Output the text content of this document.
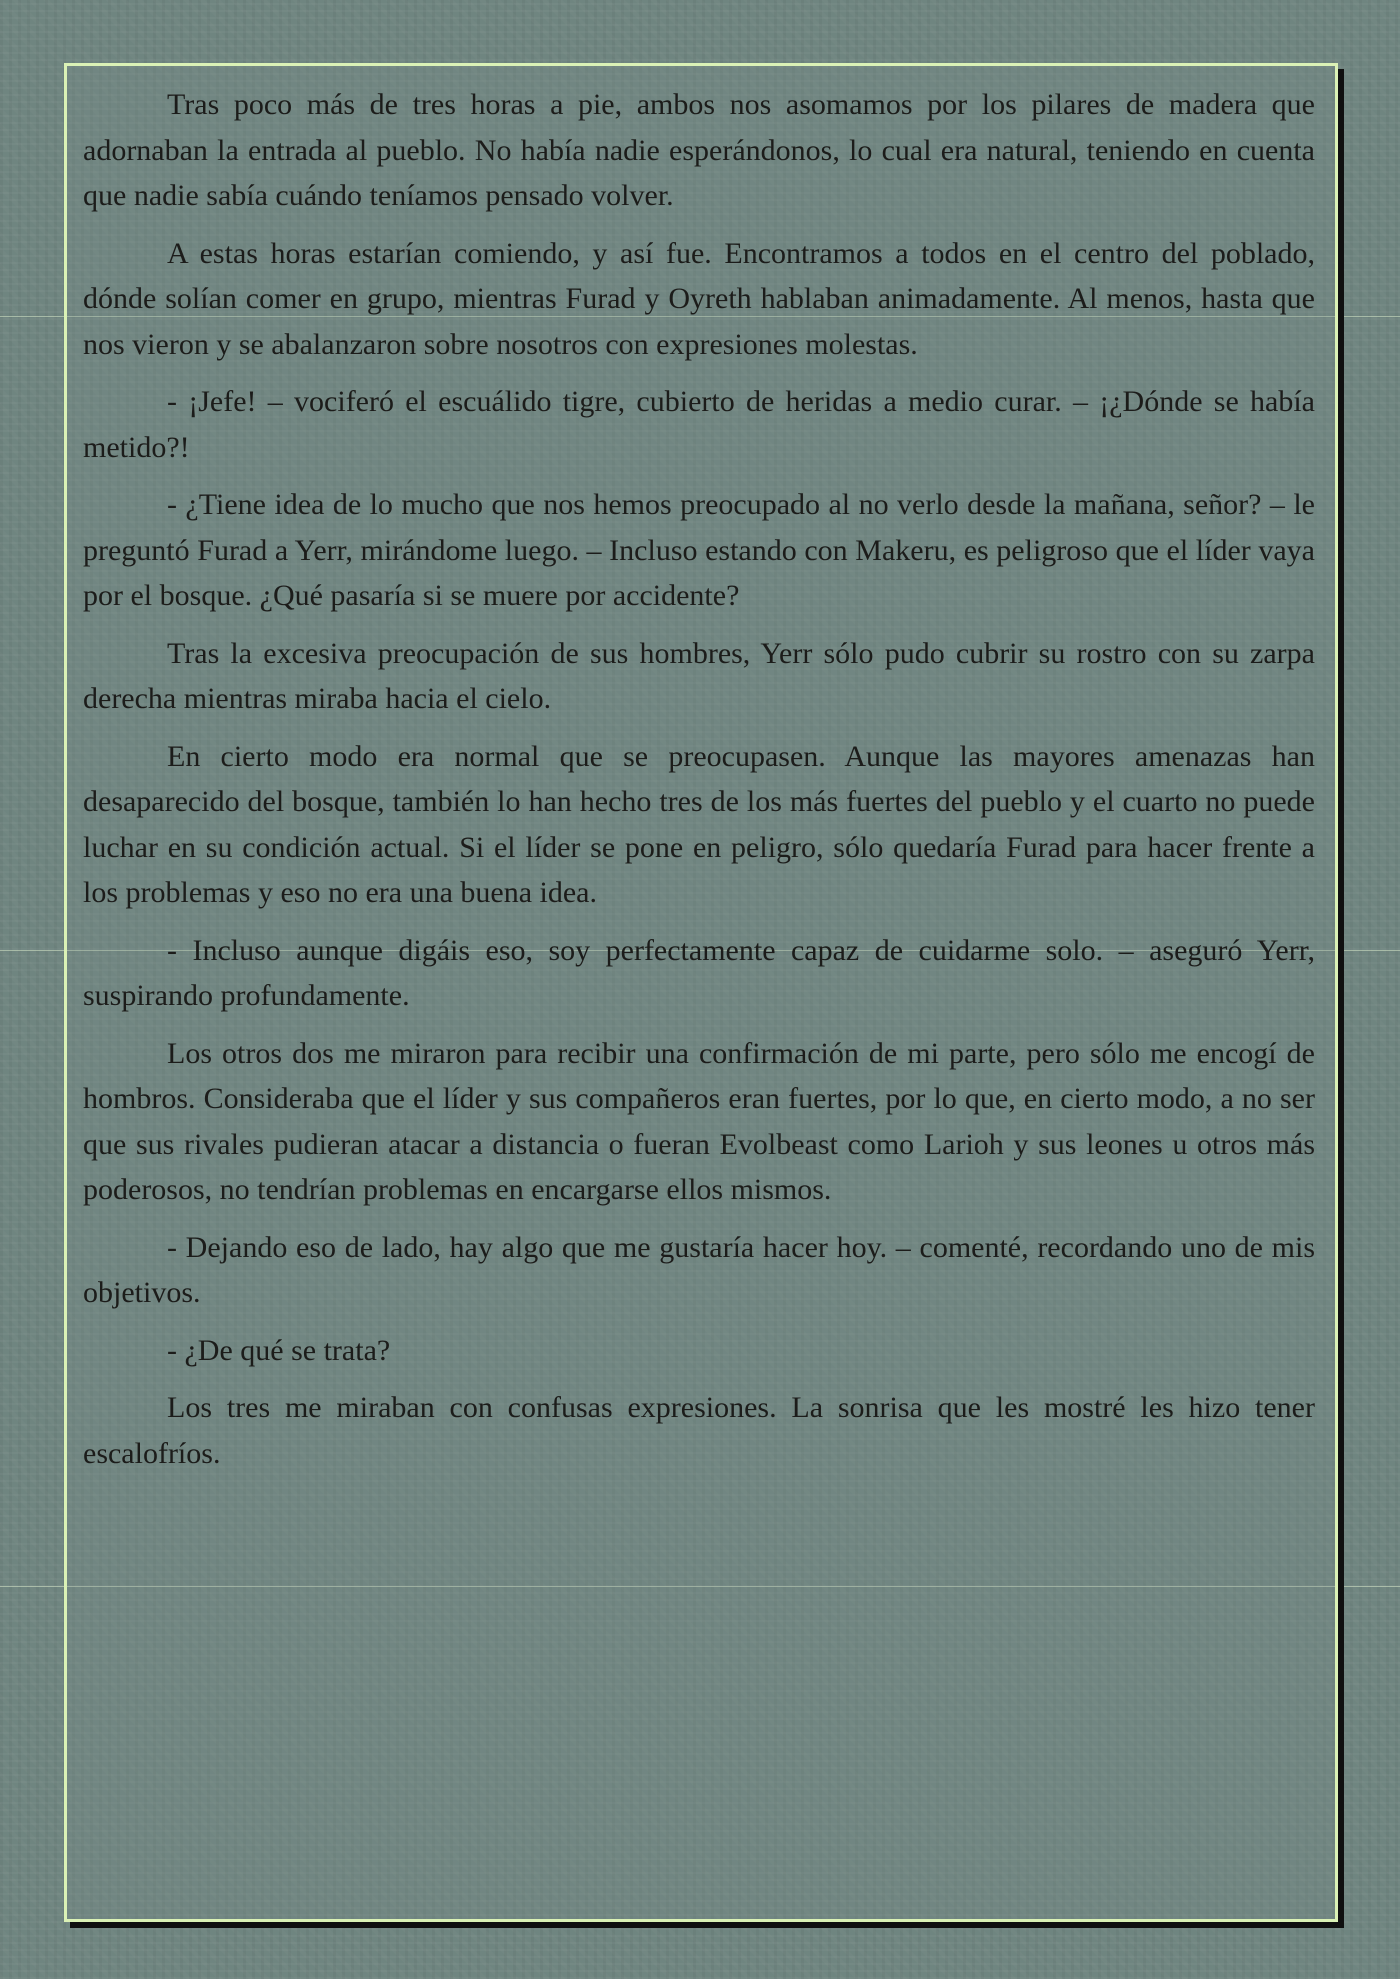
Tras poco más de tres horas a pie, ambos nos asomamos por los pilares de madera que adornaban la entrada al pueblo. No había nadie esperándonos, lo cual era natural, teniendo en cuenta que nadie sabía cuándo teníamos pensado volver.

A estas horas estarían comiendo, y así fue. Encontramos a todos en el centro del poblado, dónde solían comer en grupo, mientras Furad y Oyreth hablaban animadamente. Al menos, hasta que nos vieron y se abalanzaron sobre nosotros con expresiones molestas.

- ¡Jefe! – vociferó el escuálido tigre, cubierto de heridas a medio curar. – ¡¿Dónde se había metido?!

- ¿Tiene idea de lo mucho que nos hemos preocupado al no verlo desde la mañana, señor? – le preguntó Furad a Yerr, mirándome luego. – Incluso estando con Makeru, es peligroso que el líder vaya por el bosque. ¿Qué pasaría si se muere por accidente?

Tras la excesiva preocupación de sus hombres, Yerr sólo pudo cubrir su rostro con su zarpa derecha mientras miraba hacia el cielo.

En cierto modo era normal que se preocupasen. Aunque las mayores amenazas han desaparecido del bosque, también lo han hecho tres de los más fuertes del pueblo y el cuarto no puede luchar en su condición actual. Si el líder se pone en peligro, sólo quedaría Furad para hacer frente a los problemas y eso no era una buena idea.

- Incluso aunque digáis eso, soy perfectamente capaz de cuidarme solo. – aseguró Yerr, suspirando profundamente.

Los otros dos me miraron para recibir una confirmación de mi parte, pero sólo me encogí de hombros. Consideraba que el líder y sus compañeros eran fuertes, por lo que, en cierto modo, a no ser que sus rivales pudieran atacar a distancia o fueran Evolbeast como Larioh y sus leones u otros más poderosos, no tendrían problemas en encargarse ellos mismos.

- Dejando eso de lado, hay algo que me gustaría hacer hoy. – comenté, recordando uno de mis objetivos.

- ¿De qué se trata?

Los tres me miraban con confusas expresiones. La sonrisa que les mostré les hizo tener escalofríos.
